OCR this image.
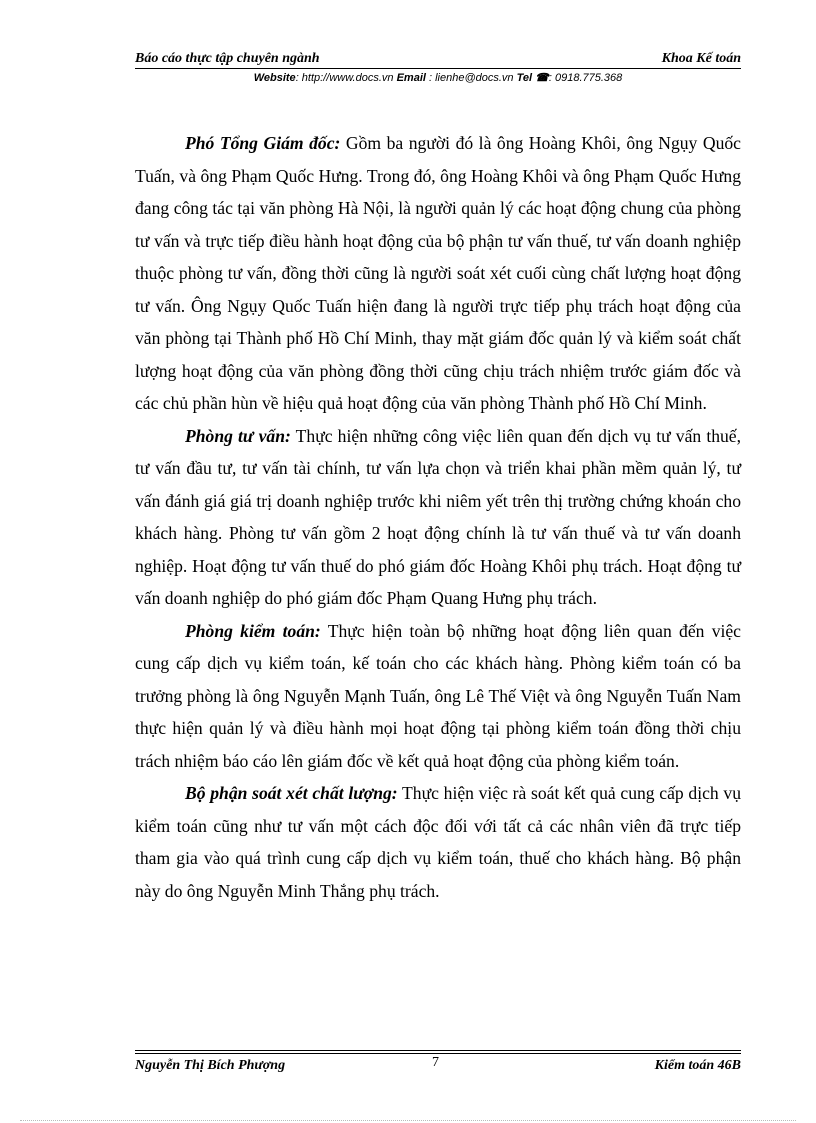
Báo cáo thực tập chuyên ngành	Khoa Kế toán
Website: http://www.docs.vn Email : lienhe@docs.vn Tel ☎: 0918.775.368

Phó Tổng Giám đốc: Gồm ba người đó là ông Hoàng Khôi, ông Ngụy Quốc Tuấn, và ông Phạm Quốc Hưng. Trong đó, ông Hoàng Khôi và ông Phạm Quốc Hưng đang công tác tại văn phòng Hà Nội, là người quản lý các hoạt động chung của phòng tư vấn và trực tiếp điều hành hoạt động của bộ phận tư vấn thuế, tư vấn doanh nghiệp thuộc phòng tư vấn, đồng thời cũng là người soát xét cuối cùng chất lượng hoạt động tư vấn. Ông Ngụy Quốc Tuấn hiện đang là người trực tiếp phụ trách hoạt động của văn phòng tại Thành phố Hồ Chí Minh, thay mặt giám đốc quản lý và kiểm soát chất lượng hoạt động của văn phòng đồng thời cũng chịu trách nhiệm trước giám đốc và các chủ phần hùn về hiệu quả hoạt động của văn phòng Thành phố Hồ Chí Minh.

Phòng tư vấn: Thực hiện những công việc liên quan đến dịch vụ tư vấn thuế, tư vấn đầu tư, tư vấn tài chính, tư vấn lựa chọn và triển khai phần mềm quản lý, tư vấn đánh giá giá trị doanh nghiệp trước khi niêm yết trên thị trường chứng khoán cho khách hàng. Phòng tư vấn gồm 2 hoạt động chính là tư vấn thuế và tư vấn doanh nghiệp. Hoạt động tư vấn thuế do phó giám đốc Hoàng Khôi phụ trách. Hoạt động tư vấn doanh nghiệp do phó giám đốc Phạm Quang Hưng phụ trách.

Phòng kiểm toán: Thực hiện toàn bộ những hoạt động liên quan đến việc cung cấp dịch vụ kiểm toán, kế toán cho các khách hàng. Phòng kiểm toán có ba trưởng phòng là ông Nguyễn Mạnh Tuấn, ông Lê Thế Việt và ông Nguyễn Tuấn Nam thực hiện quản lý và điều hành mọi hoạt động tại phòng kiểm toán đồng thời chịu trách nhiệm báo cáo lên giám đốc về kết quả hoạt động của phòng kiểm toán.

Bộ phận soát xét chất lượng: Thực hiện việc rà soát kết quả cung cấp dịch vụ kiểm toán cũng như tư vấn một cách độc đối với tất cả các nhân viên đã trực tiếp tham gia vào quá trình cung cấp dịch vụ kiểm toán, thuế cho khách hàng. Bộ phận này do ông Nguyễn Minh Thắng phụ trách.

Nguyễn Thị Bích Phượng	7	Kiểm toán 46B
